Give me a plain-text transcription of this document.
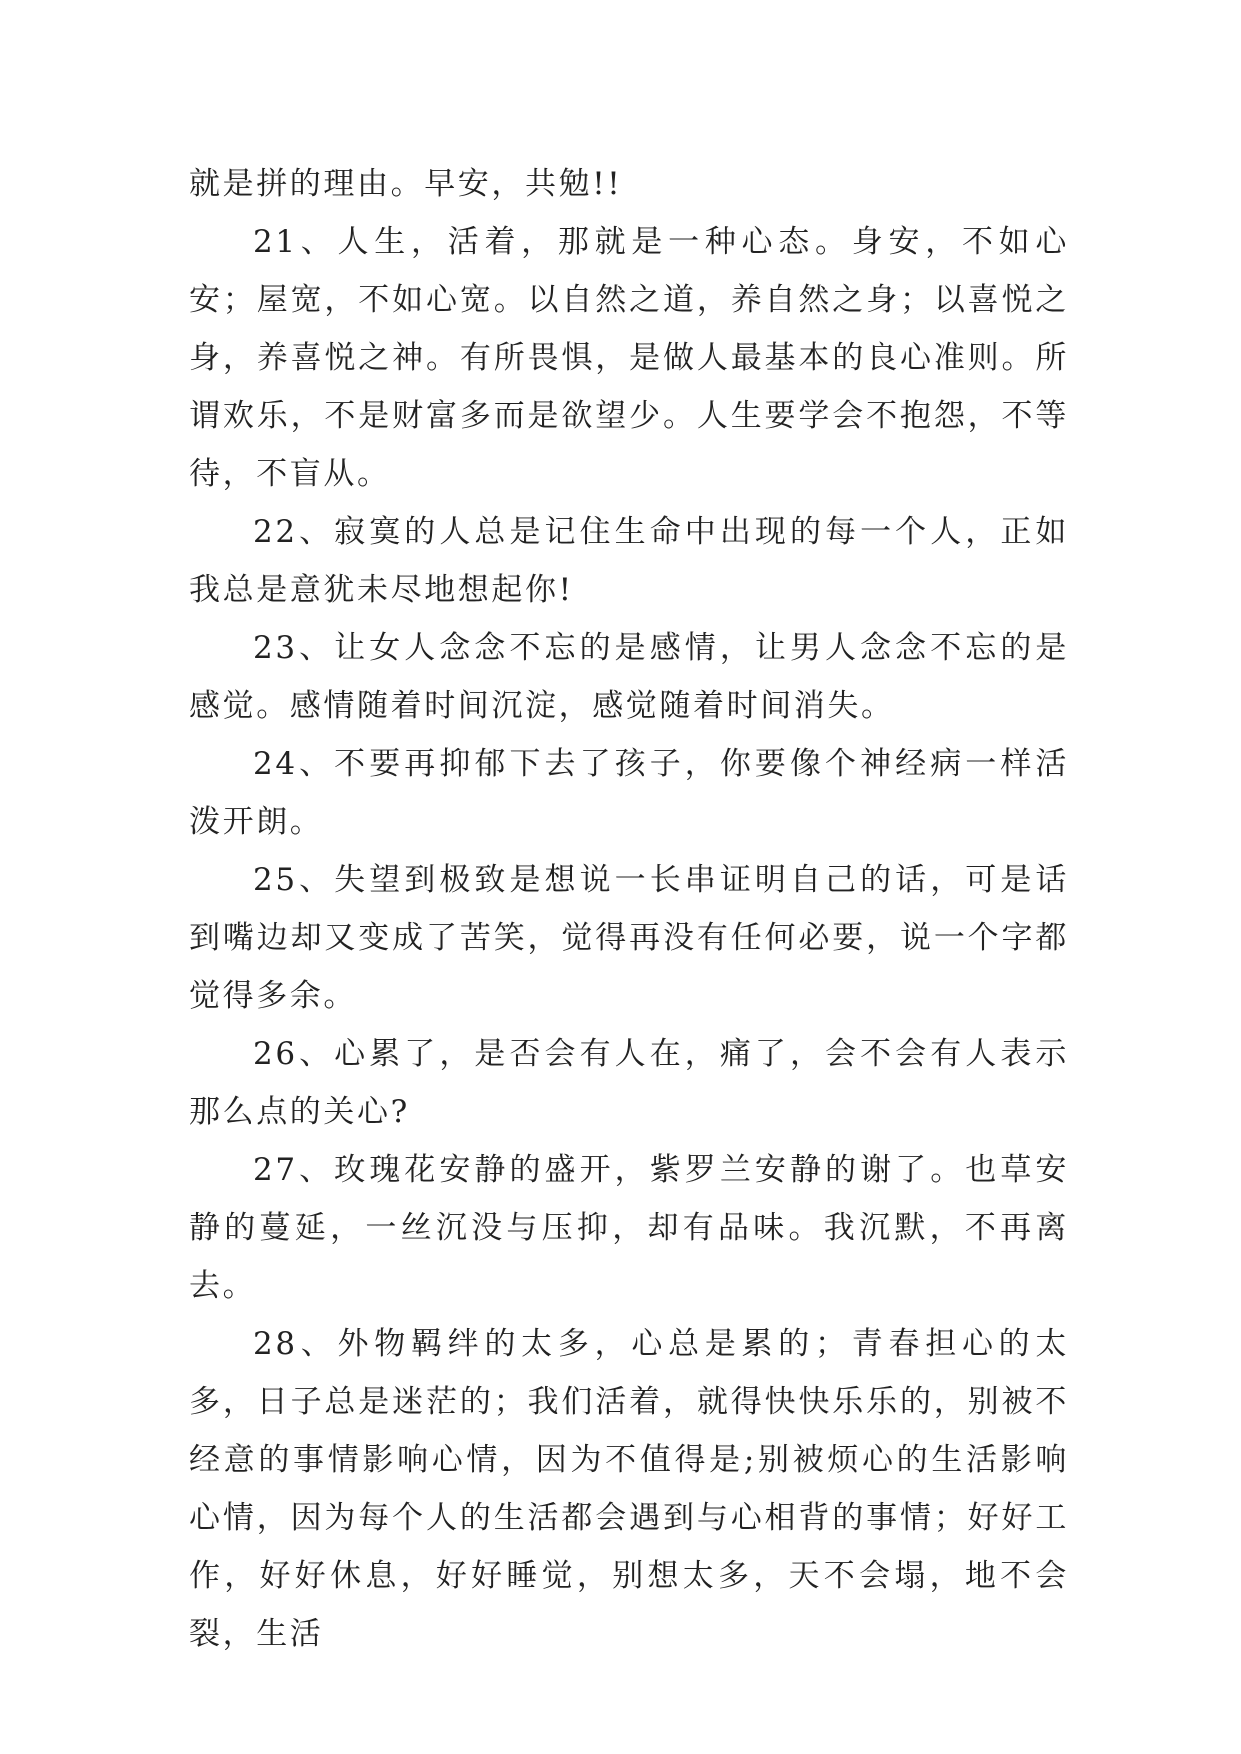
就是拼的理由。早安，共勉!!

21、人生，活着，那就是一种心态。身安，不如心安；屋宽，不如心宽。以自然之道，养自然之身；以喜悦之身，养喜悦之神。有所畏惧，是做人最基本的良心准则。所谓欢乐，不是财富多而是欲望少。人生要学会不抱怨，不等待，不盲从。

22、寂寞的人总是记住生命中出现的每一个人，正如我总是意犹未尽地想起你!

23、让女人念念不忘的是感情，让男人念念不忘的是感觉。感情随着时间沉淀，感觉随着时间消失。

24、不要再抑郁下去了孩子，你要像个神经病一样活泼开朗。

25、失望到极致是想说一长串证明自己的话，可是话到嘴边却又变成了苦笑，觉得再没有任何必要，说一个字都觉得多余。

26、心累了，是否会有人在，痛了，会不会有人表示那么点的关心?

27、玫瑰花安静的盛开，紫罗兰安静的谢了。也草安静的蔓延，一丝沉没与压抑，却有品味。我沉默，不再离去。

28、外物羁绊的太多，心总是累的；青春担心的太多，日子总是迷茫的；我们活着，就得快快乐乐的，别被不经意的事情影响心情，因为不值得是;别被烦心的生活影响心情，因为每个人的生活都会遇到与心相背的事情；好好工作，好好休息，好好睡觉，别想太多，天不会塌，地不会裂，生活
